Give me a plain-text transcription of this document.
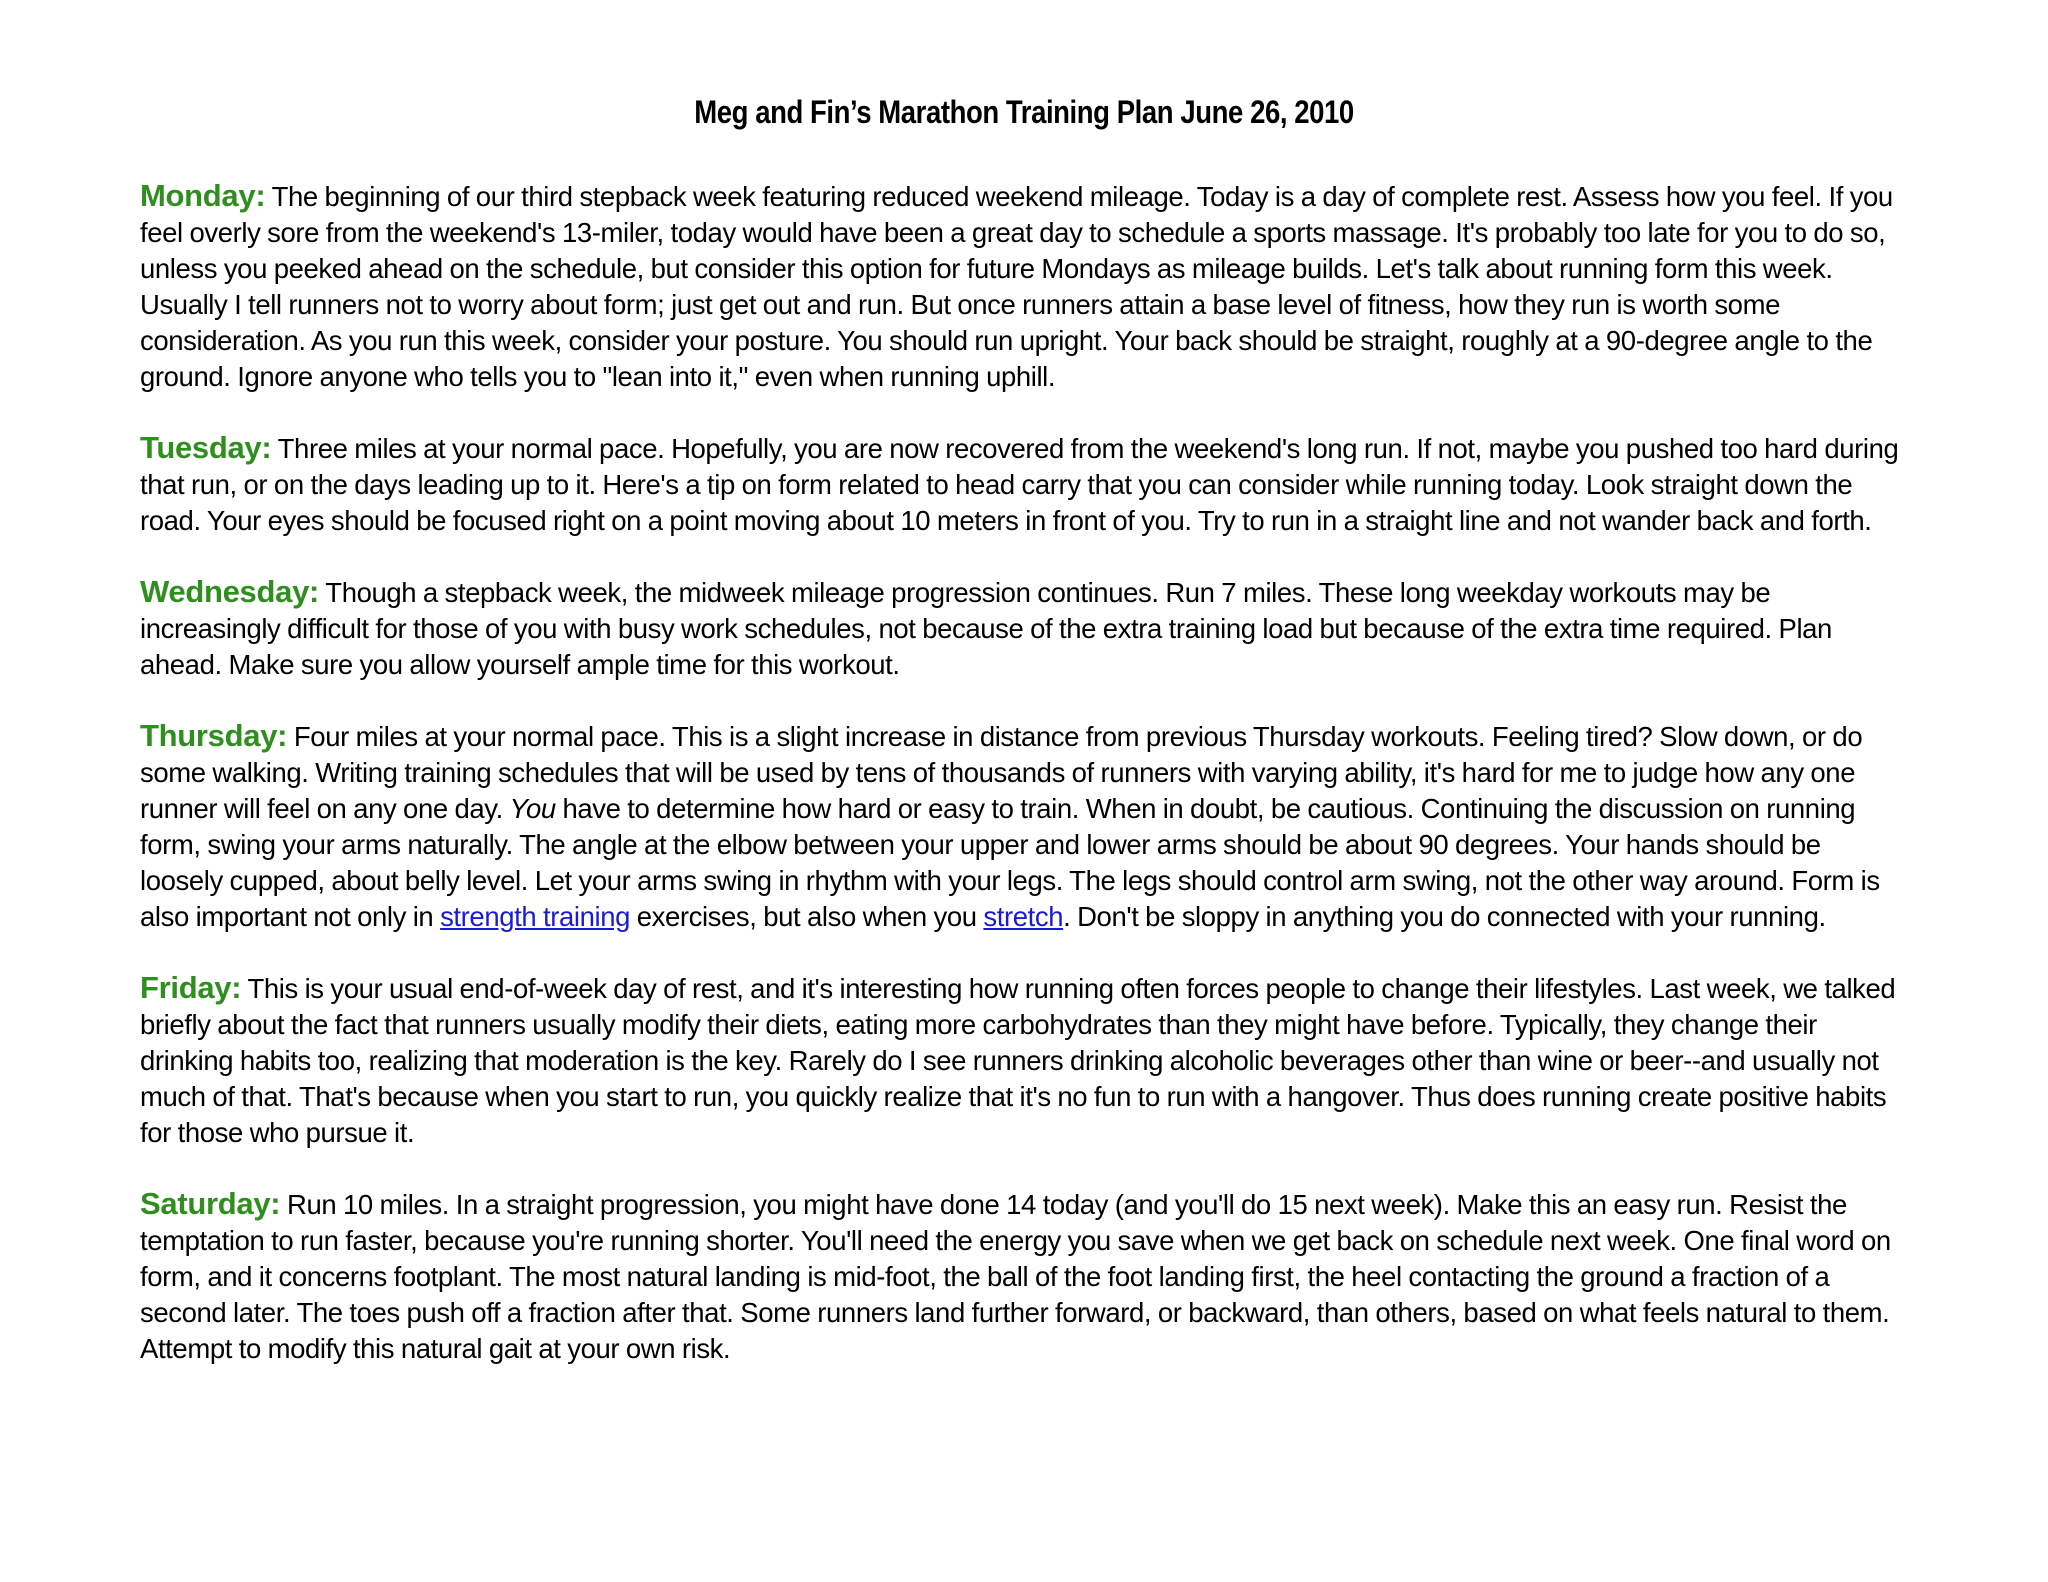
Meg and Fin’s Marathon Training Plan June 26, 2010

Monday: The beginning of our third stepback week featuring reduced weekend mileage. Today is a day of complete rest. Assess how you feel. If you feel overly sore from the weekend's 13-miler, today would have been a great day to schedule a sports massage. It's probably too late for you to do so, unless you peeked ahead on the schedule, but consider this option for future Mondays as mileage builds. Let's talk about running form this week. Usually I tell runners not to worry about form; just get out and run. But once runners attain a base level of fitness, how they run is worth some consideration. As you run this week, consider your posture. You should run upright. Your back should be straight, roughly at a 90-degree angle to the ground. Ignore anyone who tells you to "lean into it," even when running uphill.

Tuesday: Three miles at your normal pace. Hopefully, you are now recovered from the weekend's long run. If not, maybe you pushed too hard during that run, or on the days leading up to it. Here's a tip on form related to head carry that you can consider while running today. Look straight down the road. Your eyes should be focused right on a point moving about 10 meters in front of you. Try to run in a straight line and not wander back and forth.

Wednesday: Though a stepback week, the midweek mileage progression continues. Run 7 miles. These long weekday workouts may be increasingly difficult for those of you with busy work schedules, not because of the extra training load but because of the extra time required. Plan ahead. Make sure you allow yourself ample time for this workout.

Thursday: Four miles at your normal pace. This is a slight increase in distance from previous Thursday workouts. Feeling tired? Slow down, or do some walking. Writing training schedules that will be used by tens of thousands of runners with varying ability, it's hard for me to judge how any one runner will feel on any one day. You have to determine how hard or easy to train. When in doubt, be cautious. Continuing the discussion on running form, swing your arms naturally. The angle at the elbow between your upper and lower arms should be about 90 degrees. Your hands should be loosely cupped, about belly level. Let your arms swing in rhythm with your legs. The legs should control arm swing, not the other way around. Form is also important not only in strength training exercises, but also when you stretch. Don't be sloppy in anything you do connected with your running.

Friday: This is your usual end-of-week day of rest, and it's interesting how running often forces people to change their lifestyles. Last week, we talked briefly about the fact that runners usually modify their diets, eating more carbohydrates than they might have before. Typically, they change their drinking habits too, realizing that moderation is the key. Rarely do I see runners drinking alcoholic beverages other than wine or beer--and usually not much of that. That's because when you start to run, you quickly realize that it's no fun to run with a hangover. Thus does running create positive habits for those who pursue it.

Saturday: Run 10 miles. In a straight progression, you might have done 14 today (and you'll do 15 next week). Make this an easy run. Resist the temptation to run faster, because you're running shorter. You'll need the energy you save when we get back on schedule next week. One final word on form, and it concerns footplant. The most natural landing is mid-foot, the ball of the foot landing first, the heel contacting the ground a fraction of a second later. The toes push off a fraction after that. Some runners land further forward, or backward, than others, based on what feels natural to them. Attempt to modify this natural gait at your own risk.
